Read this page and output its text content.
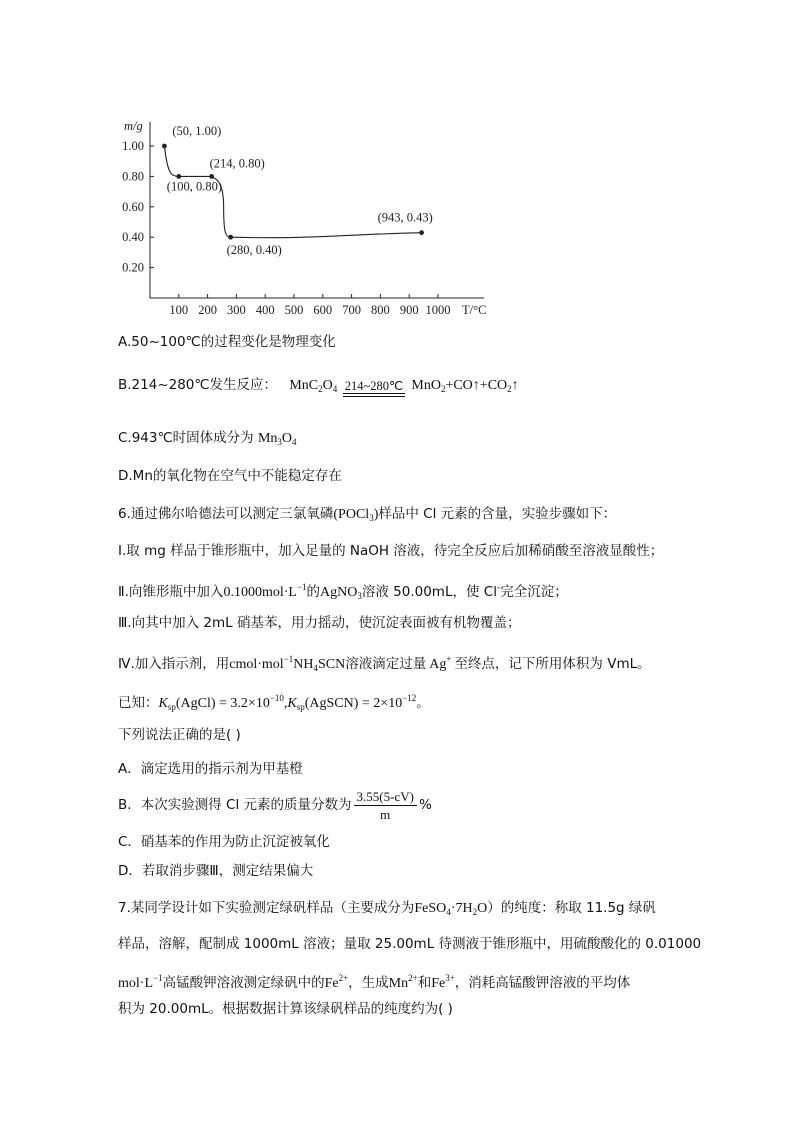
m/g
T/°C
100 200 300 400 500 600 700 800 900 1000
1.00
0.80
0.60
0.40
0.20
(50, 1.00)
(100, 0.80)
(214, 0.80)
(280, 0.40)
(943, 0.43)
A.50~100℃的过程变化是物理变化
B.214~280℃发生反应： $MnC_2O_4$ 214~280℃ $MnO_2+CO↑+CO_2↑$
C.943℃时固体成分为 $Mn_3O_4$
D.Mn的氧化物在空气中不能稳定存在
6.通过佛尔哈德法可以测定三氯氧磷(POCl$_3$)样品中 Cl 元素的含量，实验步骤如下：
Ⅰ.取 mg 样品于锥形瓶中，加入足量的 NaOH 溶液，待完全反应后加稀硝酸至溶液显酸性；
Ⅱ.向锥形瓶中加入$0.1000mol\cdot L^{-1}$的AgNO$_3$溶液 50.00mL，使 Cl-完全沉淀；
Ⅲ.向其中加入 2mL 硝基苯，用力摇动，使沉淀表面被有机物覆盖；
Ⅳ.加入指示剂，用$cmol\cdot mol^{-1}NH_4SCN$溶液滴定过量 Ag+ 至终点，记下所用体积为 VmL。
已知：$K_{sp}(AgCl)$ = $3.2\times 10^{-10},K_{sp}(AgSCN) = 2\times 10^{-12}$。
下列说法正确的是( )
A．滴定选用的指示剂为甲基橙
B．本次实验测得 Cl 元素的质量分数为 $\frac{3.55(5-cV)}{m}$ %
C．硝基苯的作用为防止沉淀被氧化
D．若取消步骤Ⅲ，测定结果偏大
7.某同学设计如下实验测定绿矾样品（主要成分为$FeSO_4\cdot 7H_2O$）的纯度：称取 11.5g 绿矾
样品，溶解，配制成 1000mL 溶液；量取 25.00mL 待测液于锥形瓶中，用硫酸酸化的 0.01000
$mol\cdot L^{-1}$高锰酸钾溶液测定绿矾中的$Fe^{2+}$，生成$Mn^{2+}$和$Fe^{3+}$，消耗高锰酸钾溶液的平均体
积为 20.00mL。根据数据计算该绿矾样品的纯度约为( )
